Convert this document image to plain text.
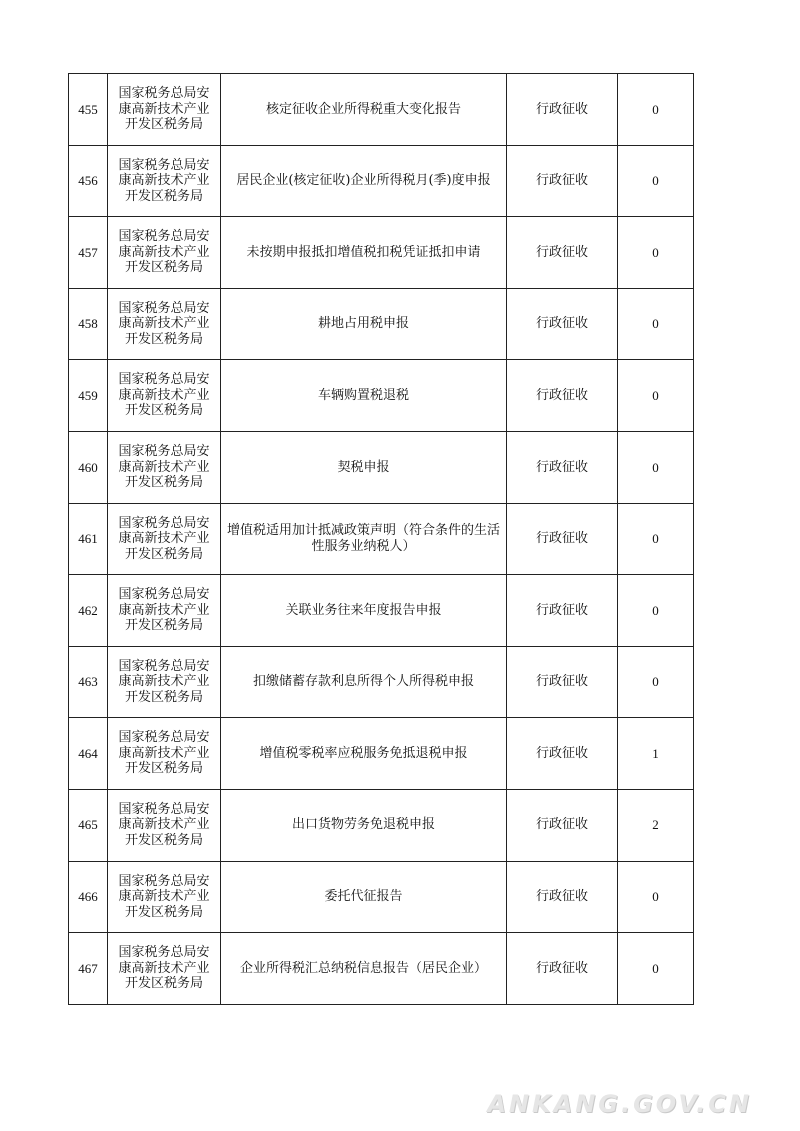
455	国家税务总局安康高新技术产业开发区税务局	核定征收企业所得税重大变化报告	行政征收	0
456	国家税务总局安康高新技术产业开发区税务局	居民企业(核定征收)企业所得税月(季)度申报	行政征收	0
457	国家税务总局安康高新技术产业开发区税务局	未按期申报抵扣增值税扣税凭证抵扣申请	行政征收	0
458	国家税务总局安康高新技术产业开发区税务局	耕地占用税申报	行政征收	0
459	国家税务总局安康高新技术产业开发区税务局	车辆购置税退税	行政征收	0
460	国家税务总局安康高新技术产业开发区税务局	契税申报	行政征收	0
461	国家税务总局安康高新技术产业开发区税务局	增值税适用加计抵减政策声明（符合条件的生活性服务业纳税人）	行政征收	0
462	国家税务总局安康高新技术产业开发区税务局	关联业务往来年度报告申报	行政征收	0
463	国家税务总局安康高新技术产业开发区税务局	扣缴储蓄存款利息所得个人所得税申报	行政征收	0
464	国家税务总局安康高新技术产业开发区税务局	增值税零税率应税服务免抵退税申报	行政征收	1
465	国家税务总局安康高新技术产业开发区税务局	出口货物劳务免退税申报	行政征收	2
466	国家税务总局安康高新技术产业开发区税务局	委托代征报告	行政征收	0
467	国家税务总局安康高新技术产业开发区税务局	企业所得税汇总纳税信息报告（居民企业）	行政征收	0
ANKANG.GOV.CN
